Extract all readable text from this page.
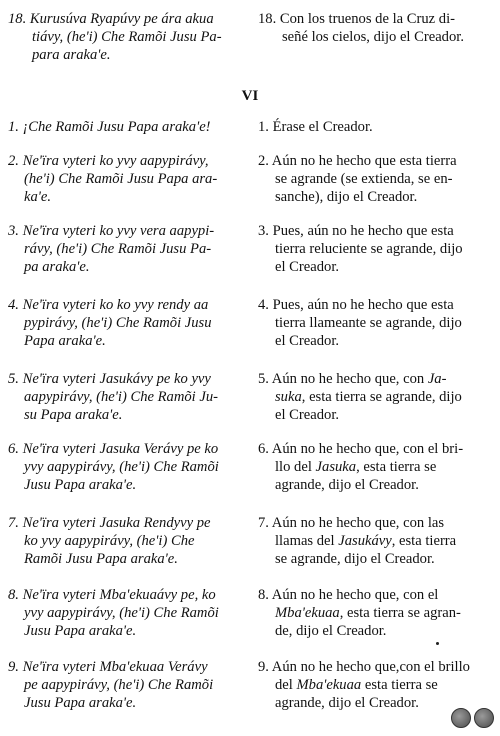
18. Kurusúva Ryapúvy pe ára akua
tiávy, (he'i) Che Ramõi Jusu Pa-
para araka'e.
18. Con los truenos de la Cruz di-
señé los cielos, dijo el Creador.
VI
1. ¡Che Ramõi Jusu Papa araka'e!	1. Érase el Creador.
2. Ne'ïra vyteri ko yvy aapypirávy,
(he'i) Che Ramõi Jusu Papa ara-
ka'e.
2. Aún no he hecho que esta tierra
se agrande (se extienda, se en-
sanche), dijo el Creador.
3. Ne'ïra vyteri ko yvy vera aapypi-
rávy, (he'i) Che Ramõi Jusu Pa-
pa araka'e.
3. Pues, aún no he hecho que esta
tierra reluciente se agrande, dijo
el Creador.
4. Ne'ïra vyteri ko ko yvy rendy aa
pypirávy, (he'i) Che Ramõi Jusu
Papa araka'e.
4. Pues, aún no he hecho que esta
tierra llameante se agrande, dijo
el Creador.
5. Ne'ïra vyteri Jasukávy pe ko yvy
aapypirávy, (he'i) Che Ramõi Ju-
su Papa araka'e.
5. Aún no he hecho que, con Ja-
suka, esta tierra se agrande, dijo
el Creador.
6. Ne'ïra vyteri Jasuka Verávy pe ko
yvy aapypirávy, (he'i) Che Ramõi
Jusu Papa araka'e.
6. Aún no he hecho que, con el bri-
llo del Jasuka, esta tierra se
agrande, dijo el Creador.
7. Ne'ïra vyteri Jasuka Rendyvy pe
ko yvy aapypirávy, (he'i) Che
Ramõi Jusu Papa araka'e.
7. Aún no he hecho que, con las
llamas del Jasukávy, esta tierra
se agrande, dijo el Creador.
8. Ne'ïra vyteri Mba'ekuaávy pe, ko
yvy aapypirávy, (he'i) Che Ramõi
Jusu Papa araka'e.
8. Aún no he hecho que, con el
Mba'ekuaa, esta tierra se agran-
de, dijo el Creador.
9. Ne'ïra vyteri Mba'ekuaa Verávy
pe aapypirávy, (he'i) Che Ramõi
Jusu Papa araka'e.
9. Aún no he hecho que,con el brillo
del Mba'ekuaa esta tierra se
agrande, dijo el Creador.
